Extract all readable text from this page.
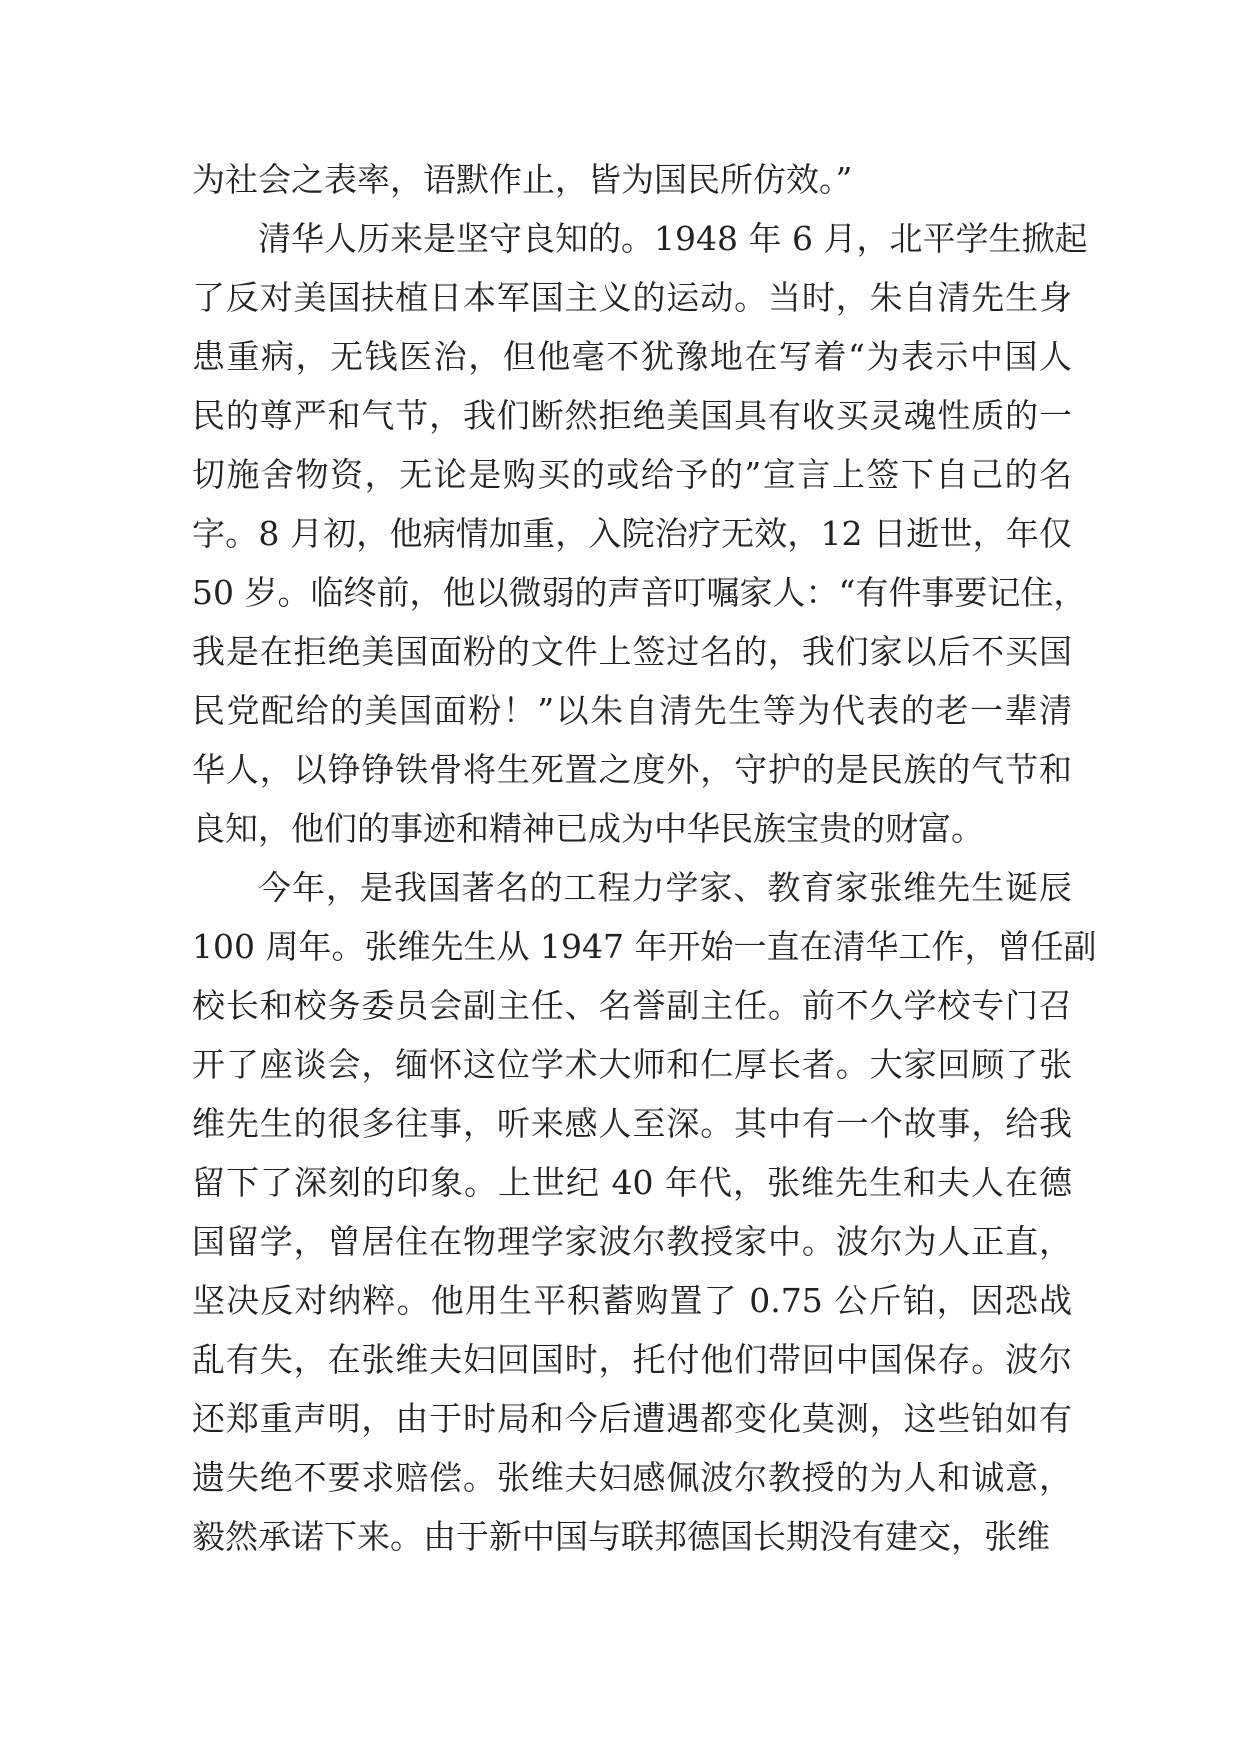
为社会之表率，语默作止，皆为国民所仿效。”
清华人历来是坚守良知的。1948 年 6 月，北平学生掀起
了反对美国扶植日本军国主义的运动。当时，朱自清先生身
患重病，无钱医治，但他毫不犹豫地在写着“为表示中国人
民的尊严和气节，我们断然拒绝美国具有收买灵魂性质的一
切施舍物资，无论是购买的或给予的”宣言上签下自己的名
字。8 月初，他病情加重，入院治疗无效，12 日逝世，年仅
50 岁。临终前，他以微弱的声音叮嘱家人：“有件事要记住，
我是在拒绝美国面粉的文件上签过名的，我们家以后不买国
民党配给的美国面粉！”以朱自清先生等为代表的老一辈清
华人，以铮铮铁骨将生死置之度外，守护的是民族的气节和
良知，他们的事迹和精神已成为中华民族宝贵的财富。
今年，是我国著名的工程力学家、教育家张维先生诞辰
100 周年。张维先生从 1947 年开始一直在清华工作，曾任副
校长和校务委员会副主任、名誉副主任。前不久学校专门召
开了座谈会，缅怀这位学术大师和仁厚长者。大家回顾了张
维先生的很多往事，听来感人至深。其中有一个故事，给我
留下了深刻的印象。上世纪 40 年代，张维先生和夫人在德
国留学，曾居住在物理学家波尔教授家中。波尔为人正直，
坚决反对纳粹。他用生平积蓄购置了 0.75 公斤铂，因恐战
乱有失，在张维夫妇回国时，托付他们带回中国保存。波尔
还郑重声明，由于时局和今后遭遇都变化莫测，这些铂如有
遗失绝不要求赔偿。张维夫妇感佩波尔教授的为人和诚意，
毅然承诺下来。由于新中国与联邦德国长期没有建交，张维
